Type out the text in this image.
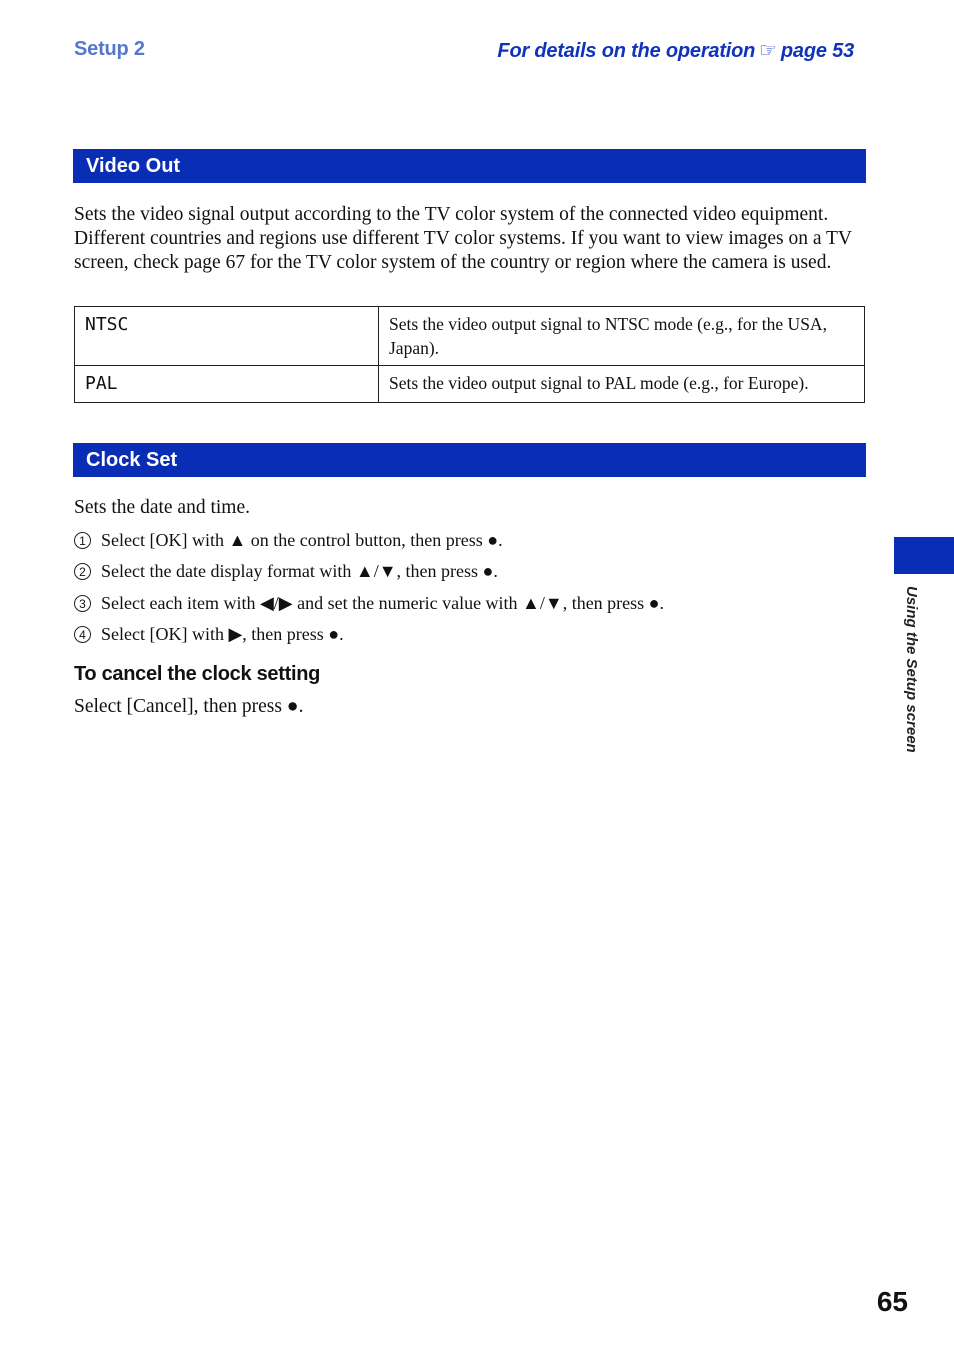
Setup 2	For details on the operation ☞ page 53
Video Out
Sets the video signal output according to the TV color system of the connected video equipment. Different countries and regions use different TV color systems. If you want to view images on a TV screen, check page 67 for the TV color system of the country or region where the camera is used.
NTSC	Sets the video output signal to NTSC mode (e.g., for the USA, Japan).
PAL	Sets the video output signal to PAL mode (e.g., for Europe).
Clock Set
Sets the date and time.
1 Select [OK] with ▲ on the control button, then press ●.
2 Select the date display format with ▲/▼, then press ●.
3 Select each item with ◀/▶ and set the numeric value with ▲/▼, then press ●.
4 Select [OK] with ▶, then press ●.
To cancel the clock setting
Select [Cancel], then press ●.	Using the Setup screen
65
